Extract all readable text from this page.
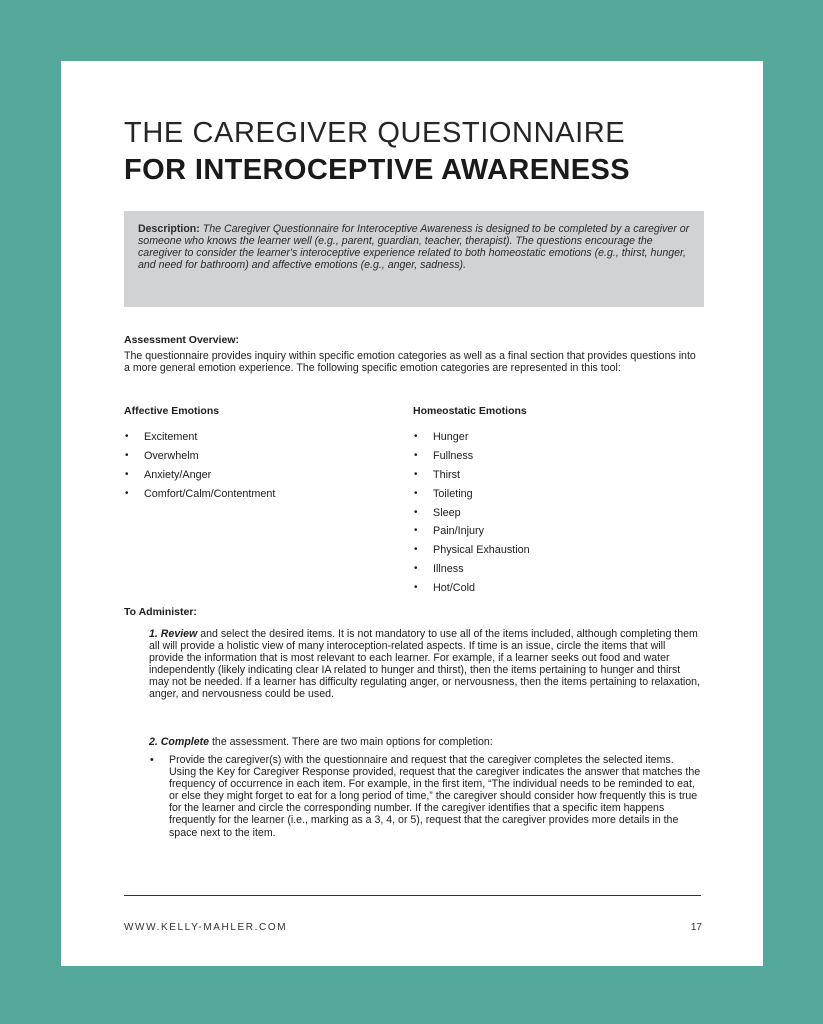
THE CAREGIVER QUESTIONNAIRE
FOR INTEROCEPTIVE AWARENESS
Description: The Caregiver Questionnaire for Interoceptive Awareness is designed to be completed by a caregiver or someone who knows the learner well (e.g., parent, guardian, teacher, therapist). The questions encourage the caregiver to consider the learner's interoceptive experience related to both homeostatic emotions (e.g., thirst, hunger, and need for bathroom) and affective emotions (e.g., anger, sadness).
Assessment Overview:
The questionnaire provides inquiry within specific emotion categories as well as a final section that provides questions into a more general emotion experience. The following specific emotion categories are represented in this tool:
Affective Emotions	Homeostatic Emotions
• Excitement
• Overwhelm
• Anxiety/Anger
• Comfort/Calm/Contentment
• Hunger
• Fullness
• Thirst
• Toileting
• Sleep
• Pain/Injury
• Physical Exhaustion
• Illness
• Hot/Cold
To Administer:
1. Review and select the desired items. It is not mandatory to use all of the items included, although completing them all will provide a holistic view of many interoception-related aspects. If time is an issue, circle the items that will provide the information that is most relevant to each learner. For example, if a learner seeks out food and water independently (likely indicating clear IA related to hunger and thirst), then the items pertaining to hunger and thirst may not be needed. If a learner has difficulty regulating anger, or nervousness, then the items pertaining to relaxation, anger, and nervousness could be used.
2. Complete the assessment. There are two main options for completion:
• Provide the caregiver(s) with the questionnaire and request that the caregiver completes the selected items. Using the Key for Caregiver Response provided, request that the caregiver indicates the answer that matches the frequency of occurrence in each item. For example, in the first item, “The individual needs to be reminded to eat, or else they might forget to eat for a long period of time,” the caregiver should consider how frequently this is true for the learner and circle the corresponding number. If the caregiver identifies that a specific item happens frequently for the learner (i.e., marking as a 3, 4, or 5), request that the caregiver provides more details in the space next to the item.
WWW.KELLY-MAHLER.COM	17
